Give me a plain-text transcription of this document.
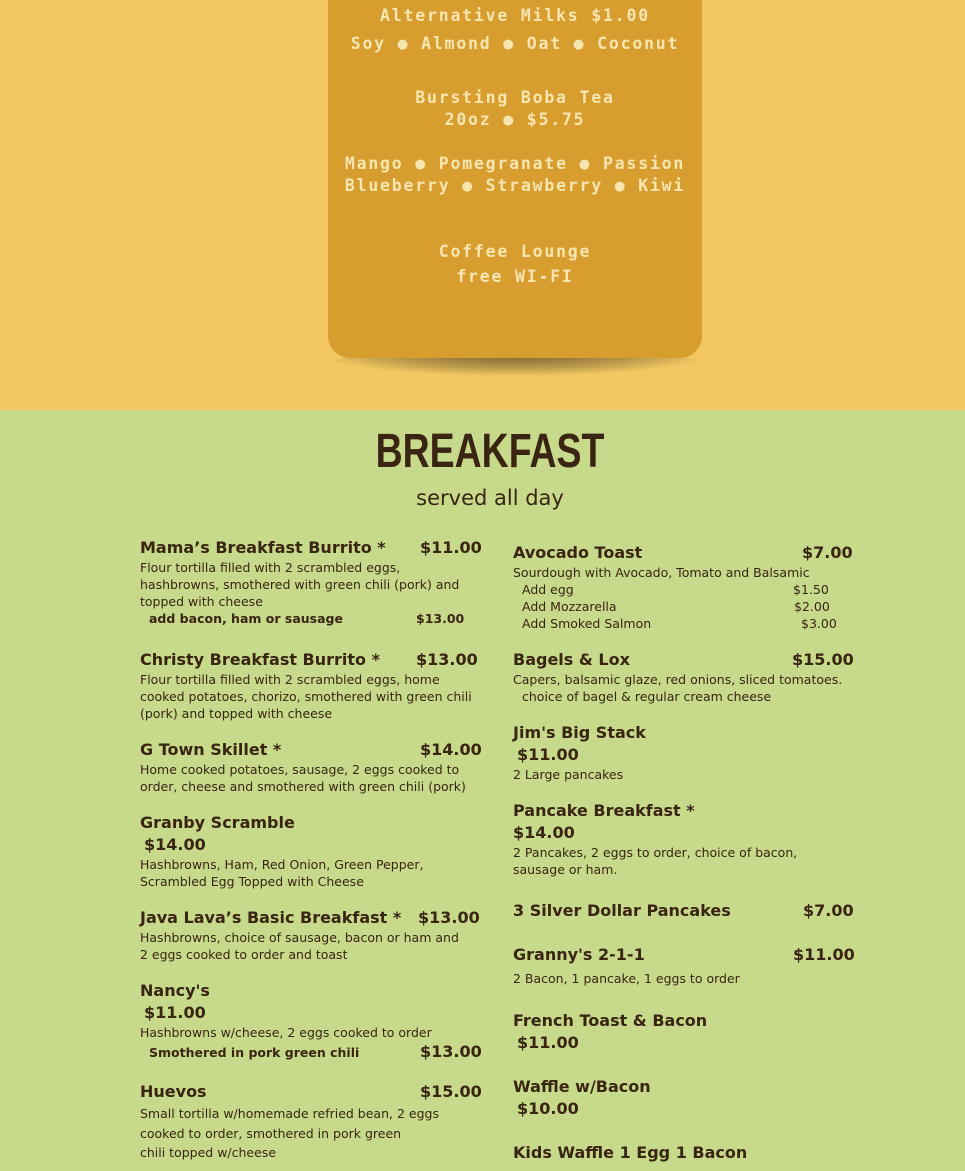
Alternative Milks $1.00
Soy ● Almond ● Oat ● Coconut
Bursting Boba Tea
20oz ● $5.75
Mango ● Pomegranate ● Passion
Blueberry ● Strawberry ● Kiwi
Coffee Lounge
free WI-FI
BREAKFAST
served all day
Mama’s Breakfast Burrito * $11.00
Flour tortilla filled with 2 scrambled eggs, hashbrowns, smothered with green chili (pork) and topped with cheese
add bacon, ham or sausage	$13.00
Christy Breakfast Burrito * $13.00
Flour tortilla filled with 2 scrambled eggs, home cooked potatoes, chorizo, smothered with green chili (pork) and topped with cheese
G Town Skillet *	$14.00
Home cooked potatoes, sausage, 2 eggs cooked to order, cheese and smothered with green chili (pork)
Granby Scramble
$14.00
Hashbrowns, Ham, Red Onion, Green Pepper, Scrambled Egg Topped with Cheese
Java Lava’s Basic Breakfast * $13.00
Hashbrowns, choice of sausage, bacon or ham and 2 eggs cooked to order and toast
Nancy's
$11.00
Hashbrowns w/cheese, 2 eggs cooked to order
Smothered in pork green chili	$13.00
Huevos	$15.00
Small tortilla w/homemade refried bean, 2 eggs
cooked to order, smothered in pork green
chili topped w/cheese
Avocado Toast	$7.00
Sourdough with Avocado, Tomato and Balsamic
Add egg	$1.50
Add Mozzarella	$2.00
Add Smoked Salmon	$3.00
Bagels & Lox	$15.00
Capers, balsamic glaze, red onions, sliced tomatoes.
choice of bagel & regular cream cheese
Jim's Big Stack
$11.00
2 Large pancakes
Pancake Breakfast *
$14.00
2 Pancakes, 2 eggs to order, choice of bacon, sausage or ham.
3 Silver Dollar Pancakes	$7.00
Granny's 2-1-1	$11.00
2 Bacon, 1 pancake, 1 eggs to order
French Toast & Bacon
$11.00
Waffle w/Bacon
$10.00
Kids Waffle 1 Egg 1 Bacon
